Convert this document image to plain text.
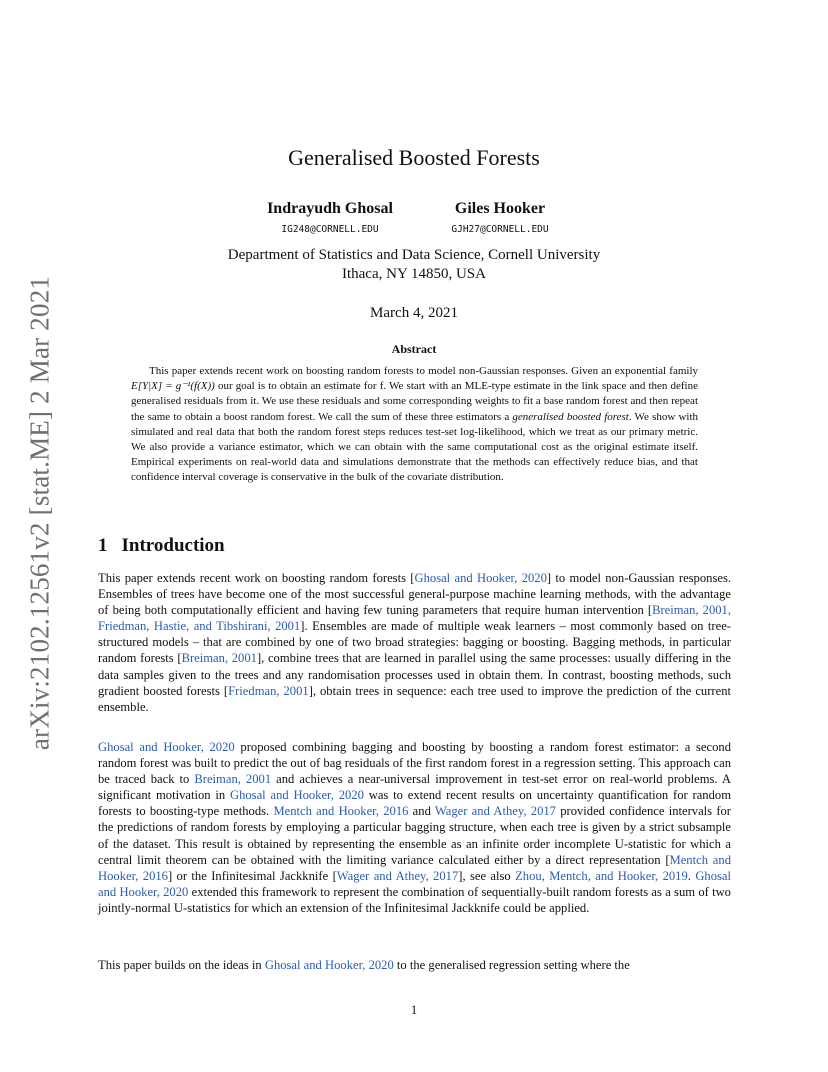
arXiv:2102.12561v2 [stat.ME] 2 Mar 2021
Generalised Boosted Forests
Indrayudh Ghosal
IG248@CORNELL.EDU
Giles Hooker
GJH27@CORNELL.EDU
Department of Statistics and Data Science, Cornell University
Ithaca, NY 14850, USA
March 4, 2021
Abstract
This paper extends recent work on boosting random forests to model non-Gaussian responses. Given an exponential family E[Y|X] = g⁻¹(f(X)) our goal is to obtain an estimate for f. We start with an MLE-type estimate in the link space and then define generalised residuals from it. We use these residuals and some corresponding weights to fit a base random forest and then repeat the same to obtain a boost random forest. We call the sum of these three estimators a generalised boosted forest. We show with simulated and real data that both the random forest steps reduces test-set log-likelihood, which we treat as our primary metric. We also provide a variance estimator, which we can obtain with the same computational cost as the original estimate itself. Empirical experiments on real-world data and simulations demonstrate that the methods can effectively reduce bias, and that confidence interval coverage is conservative in the bulk of the covariate distribution.
1 Introduction

This paper extends recent work on boosting random forests [Ghosal and Hooker, 2020] to model non-Gaussian responses. Ensembles of trees have become one of the most successful general-purpose machine learning methods, with the advantage of being both computationally efficient and having few tuning parameters that require human intervention [Breiman, 2001, Friedman, Hastie, and Tibshirani, 2001]. Ensembles are made of multiple weak learners – most commonly based on tree-structured models – that are combined by one of two broad strategies: bagging or boosting. Bagging methods, in particular random forests [Breiman, 2001], combine trees that are learned in parallel using the same processes: usually differing in the data samples given to the trees and any randomisation processes used in obtain them. In contrast, boosting methods, such gradient boosted forests [Friedman, 2001], obtain trees in sequence: each tree used to improve the prediction of the current ensemble.

Ghosal and Hooker, 2020 proposed combining bagging and boosting by boosting a random forest estimator: a second random forest was built to predict the out of bag residuals of the first random forest in a regression setting. This approach can be traced back to Breiman, 2001 and achieves a near-universal improvement in test-set error on real-world problems. A significant motivation in Ghosal and Hooker, 2020 was to extend recent results on uncertainty quantification for random forests to boosting-type methods. Mentch and Hooker, 2016 and Wager and Athey, 2017 provided confidence intervals for the predictions of random forests by employing a particular bagging structure, when each tree is given by a strict subsample of the dataset. This result is obtained by representing the ensemble as an infinite order incomplete U-statistic for which a central limit theorem can be obtained with the limiting variance calculated either by a direct representation [Mentch and Hooker, 2016] or the Infinitesimal Jackknife [Wager and Athey, 2017], see also Zhou, Mentch, and Hooker, 2019. Ghosal and Hooker, 2020 extended this framework to represent the combination of sequentially-built random forests as a sum of two jointly-normal U-statistics for which an extension of the Infinitesimal Jackknife could be applied.

This paper builds on the ideas in Ghosal and Hooker, 2020 to the generalised regression setting where the

1
